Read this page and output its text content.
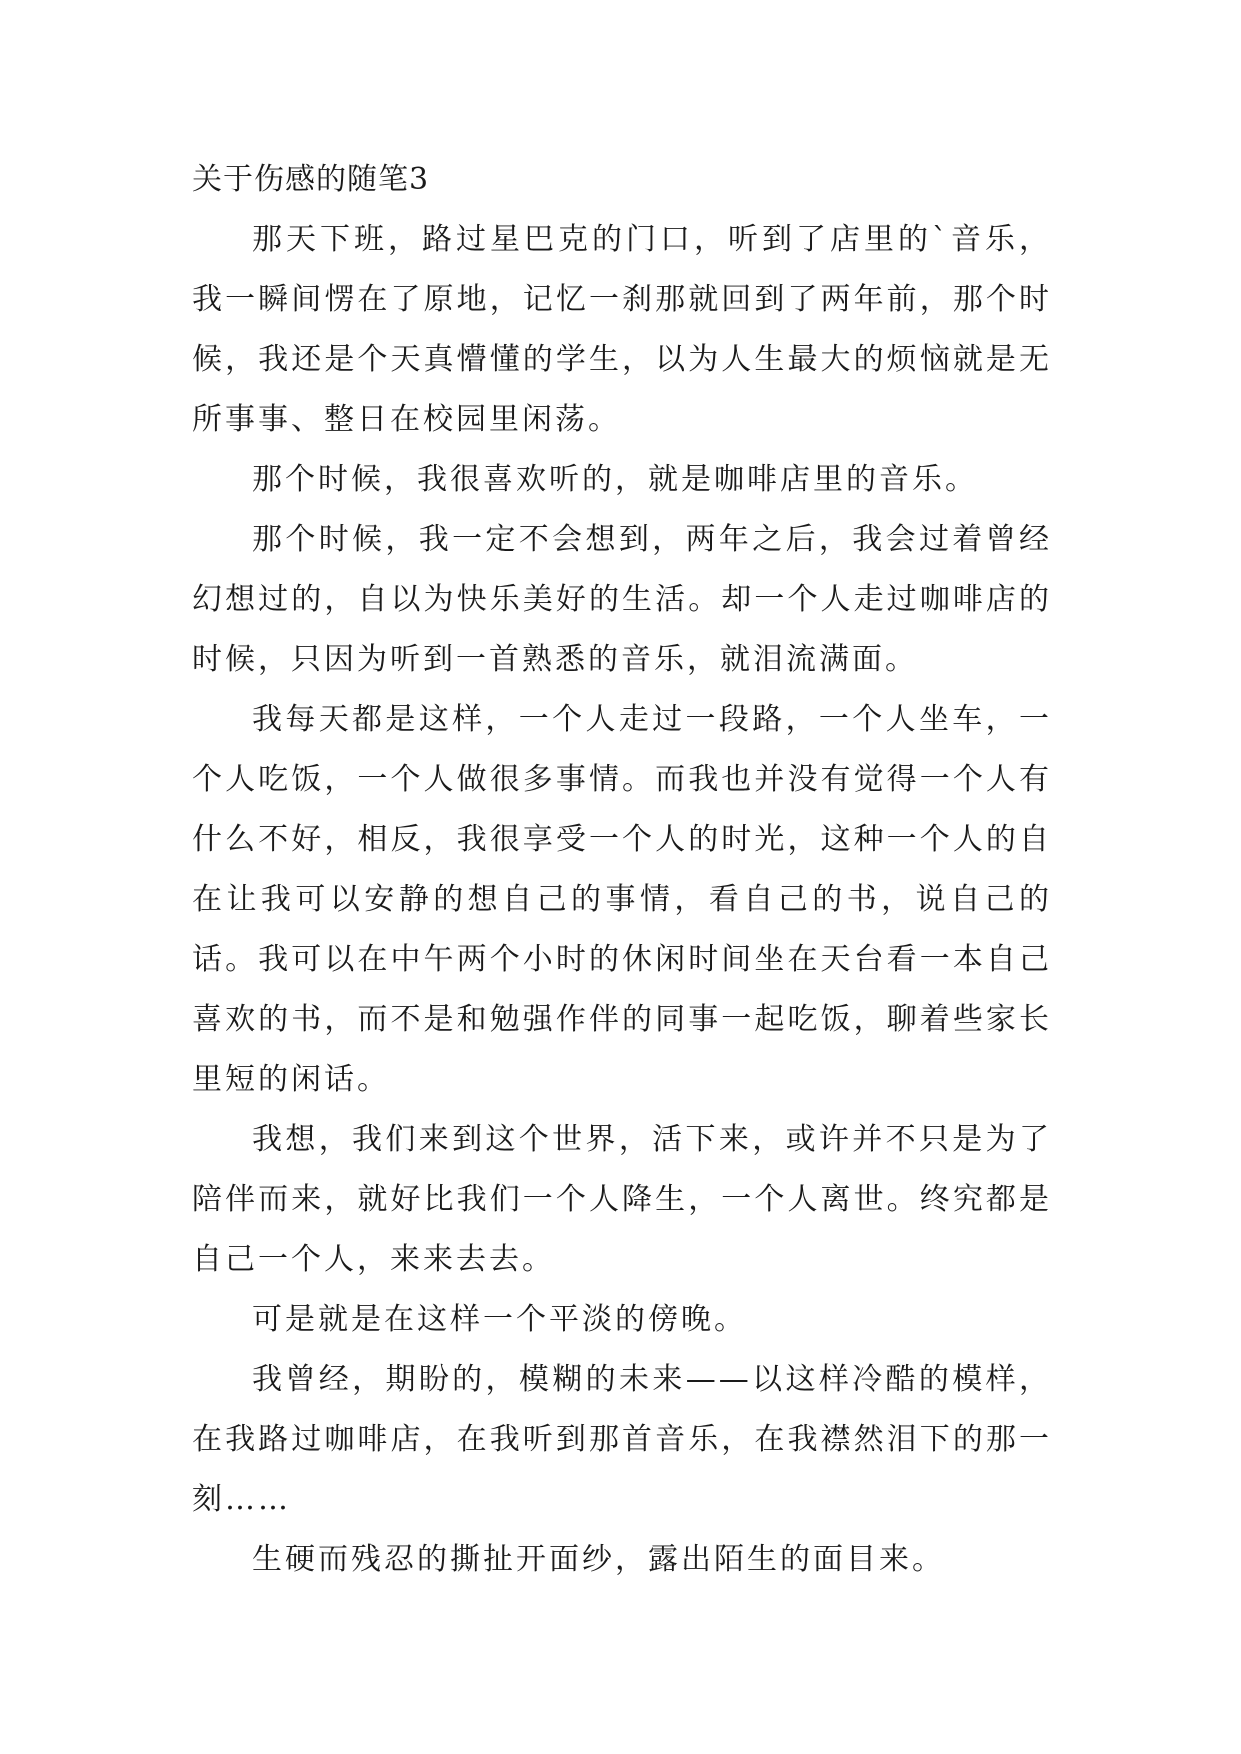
关于伤感的随笔3

那天下班，路过星巴克的门口，听到了店里的`音乐，我一瞬间愣在了原地，记忆一刹那就回到了两年前，那个时候，我还是个天真懵懂的学生，以为人生最大的烦恼就是无所事事、整日在校园里闲荡。

那个时候，我很喜欢听的，就是咖啡店里的音乐。

那个时候，我一定不会想到，两年之后，我会过着曾经幻想过的，自以为快乐美好的生活。却一个人走过咖啡店的时候，只因为听到一首熟悉的音乐，就泪流满面。

我每天都是这样，一个人走过一段路，一个人坐车，一个人吃饭，一个人做很多事情。而我也并没有觉得一个人有什么不好，相反，我很享受一个人的时光，这种一个人的自在让我可以安静的想自己的事情，看自己的书，说自己的话。我可以在中午两个小时的休闲时间坐在天台看一本自己喜欢的书，而不是和勉强作伴的同事一起吃饭，聊着些家长里短的闲话。

我想，我们来到这个世界，活下来，或许并不只是为了陪伴而来，就好比我们一个人降生，一个人离世。终究都是自己一个人，来来去去。

可是就是在这样一个平淡的傍晚。

我曾经，期盼的，模糊的未来——以这样冷酷的模样，在我路过咖啡店，在我听到那首音乐，在我襟然泪下的那一刻……

生硬而残忍的撕扯开面纱，露出陌生的面目来。
